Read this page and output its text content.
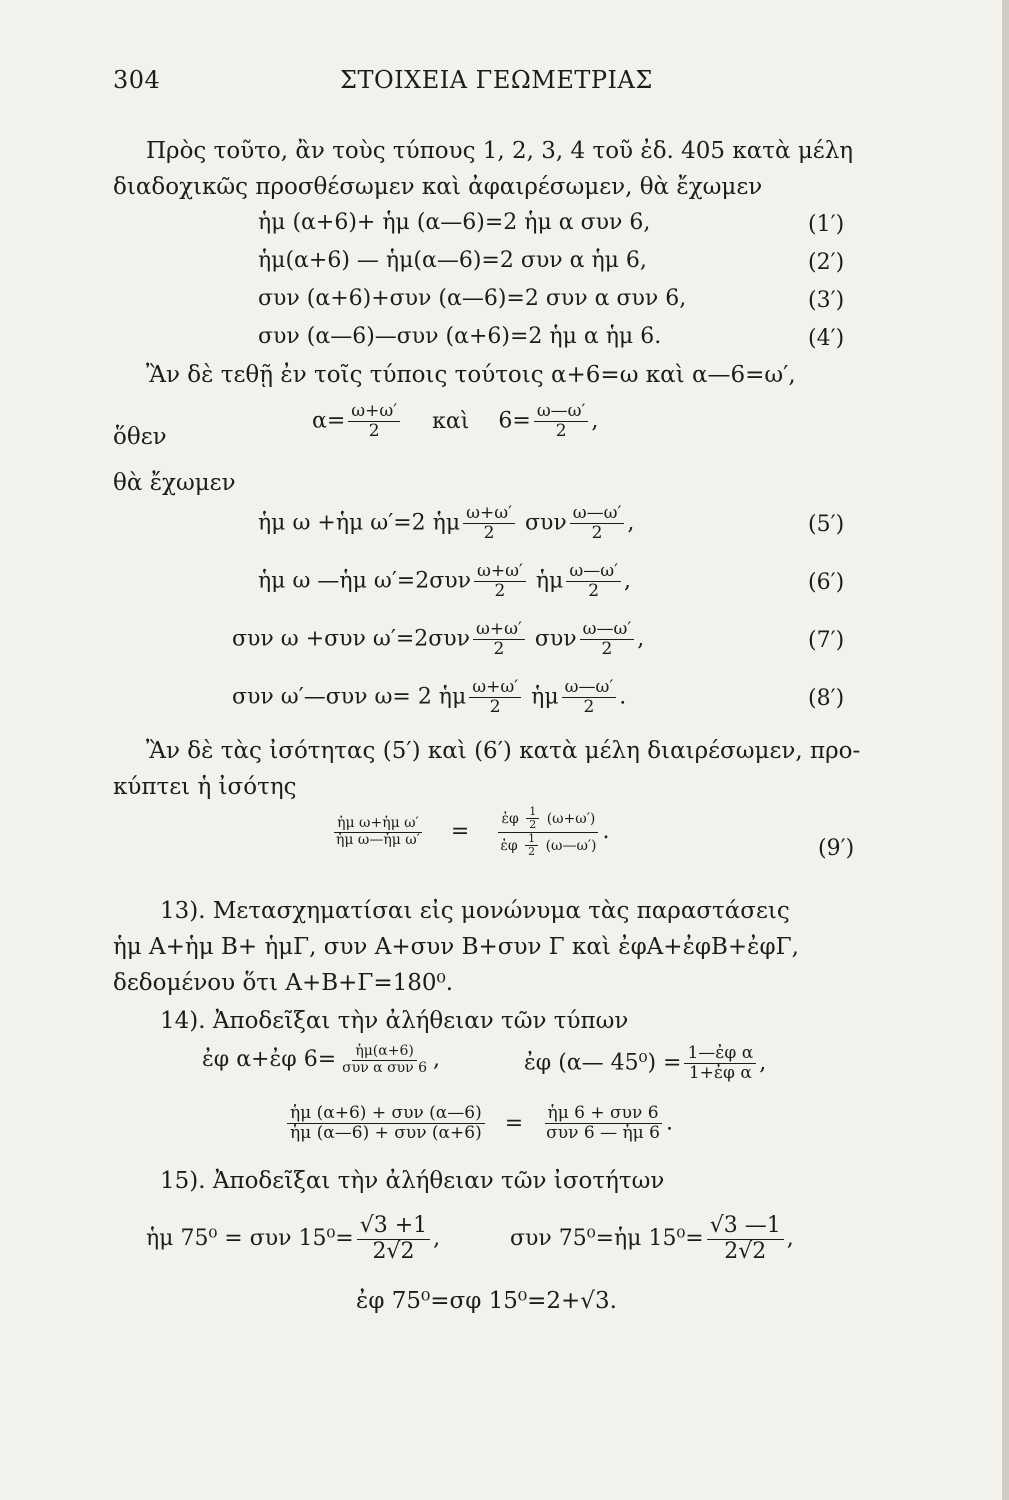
304	ΣΤΟΙΧΕΙΑ ΓΕΩΜΕΤΡΙΑΣ
Πρὸς τοῦτο, ἂν τοὺς τύπους 1, 2, 3, 4 τοῦ ἐδ. 405 κατὰ μέλη
διαδοχικῶς προσθέσωμεν καὶ ἀφαιρέσωμεν, θὰ ἔχωμεν
ἡμ (α+6)+ ἡμ (α—6)=2 ἡμ α συν 6,	(1′)
ἡμ(α+6) — ἡμ(α—6)=2 συν α ἡμ 6,	(2′)
συν (α+6)+συν (α—6)=2 συν α συν 6,	(3′)
συν (α—6)—συν (α+6)=2 ἡμ α ἡμ 6.	(4′)
Ἂν δὲ τεθῇ ἐν τοῖς τύποις τούτοις α+6=ω καὶ α—6=ω′,
ὅθεν
$\alpha= \frac{\omega+\omega'}{2}$ καὶ $6= \frac{\omega—\omega'}{2}$ ,
θὰ ἔχωμεν
ἡμ ω +ἡμ ω′=2 ἡμ $\frac{\omega+\omega'}{2}$ συν $\frac{\omega—\omega'}{2}$ ,	(5′)
ἡμ ω —ἡμ $\omega'=2\sigma\upsilon\nu \frac{\omega+\omega'}{2}$ ἡμ $\frac{\omega—\omega'}{2}$ ,	(6′)
συν ω +συν $\omega'=2\sigma\upsilon\nu \frac{\omega+\omega'}{2}$ συν $\frac{\omega—\omega'}{2}$ ,	(7′)
συν ω′—συν ω= 2 ἡμ $\frac{\omega+\omega'}{2}$ ἡμ $\frac{\omega—\omega'}{2}$ .	(8′)
Ἂν δὲ τὰς ἰσότητας (5′) καὶ (6′) κατὰ μέλη διαιρέσωμεν, προ-
κύπτει ἡ ἰσότης
$\frac{\text{ἡμ ω+ἡμ ω′}}{\text{ἡμ ω—ἡμ ω′}} = \frac{ἐ\varphi \frac{1}{2} (\omega+\omega')}{ἐ\varphi \frac{1}{2} (\omega—\omega')}$ .
(9′)
13). Μετασχηματίσαι εἰς μονώνυμα τὰς παραστάσεις
ἡμ Α+ἡμ Β+ ἡμΓ, συν Α+συν Β+συν Γ καὶ ἐφΑ+ἐφΒ+ἐφΓ,
δεδομένου ὅτι Α+Β+Γ=180⁰.
14). Ἀποδεῖξαι τὴν ἀλήθειαν τῶν τύπων
ἐφ α+ἐφ $6= \frac{\text{ἡμ(α+6)}}{\text{συν α συν 6}}$ ,	ἐφ (α— $45^0) = \frac{\text{1—ἐφ α}}{\text{1+ἐφ α}}$ ,
$\frac{\text{ἡμ (α+6) + συν (α—6)}}{\text{ἡμ (α—6) + συν (α+6)}} = \frac{\text{ἡμ 6 + συν 6}}{\text{συν 6 — ἡμ 6}}$ .
15). Ἀποδεῖξαι τὴν ἀλήθειαν τῶν ἰσοτήτων
ἡμ 75⁰ = συν $15^0= \frac{√3 +1}{2√2}$ ,	συν 75⁰=ἡμ $15^0= \frac{√3 —1}{2√2}$ ,
ἐφ 75⁰=σφ 15⁰=2+√3.
